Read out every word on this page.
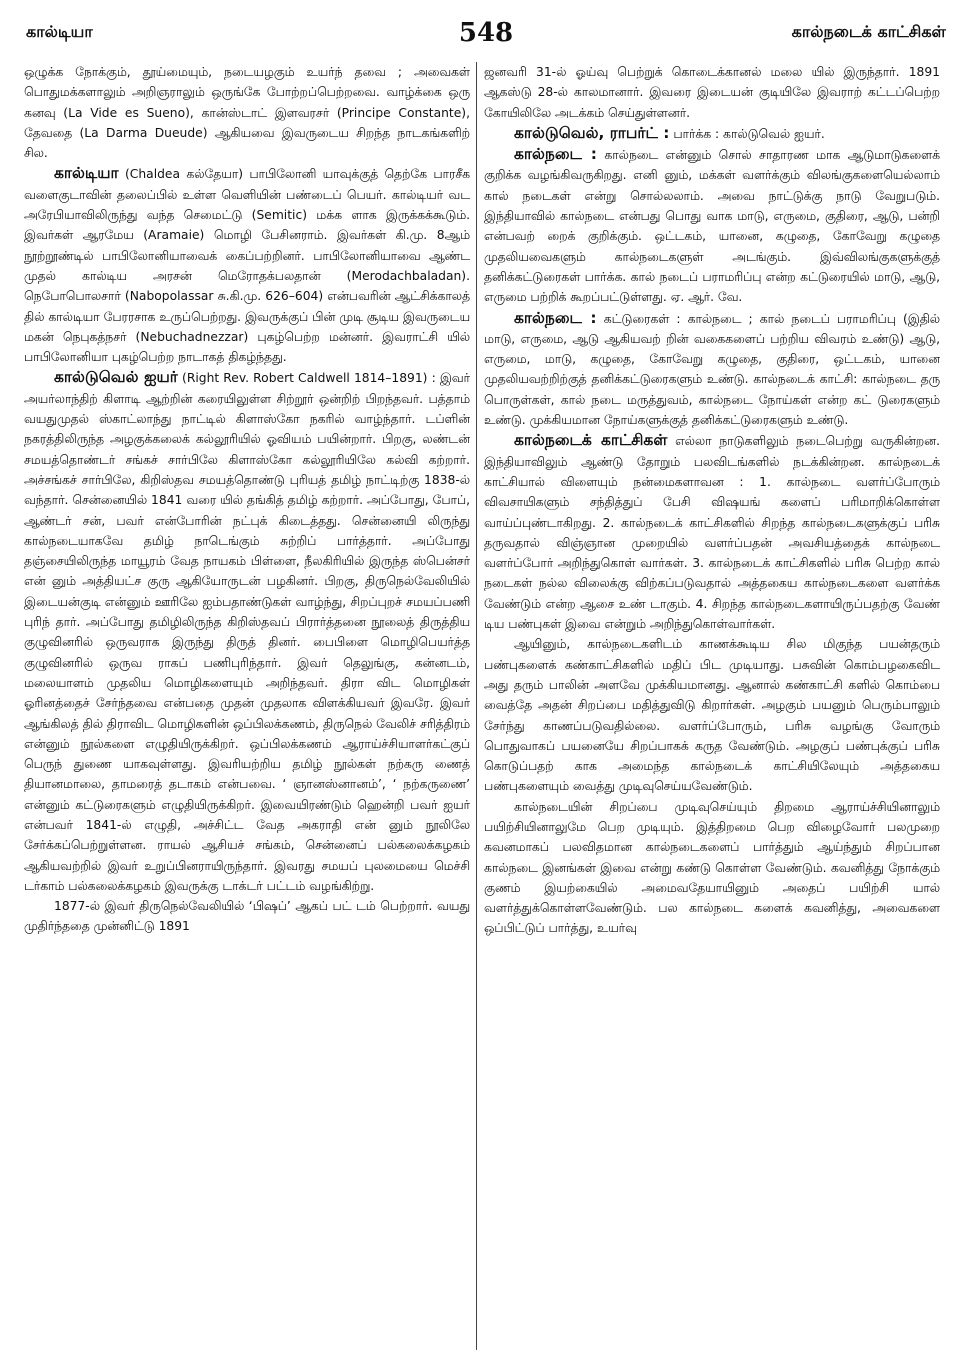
கால்டியா	548	கால்நடைக் காட்சிகள்

ஒழுக்க நோக்கும், தூய்மையும், நடையழகும் உயர்ந் தவை ; அவைகள் பொதுமக்களாலும் அறிஞராலும் ஒருங்கே போற்றப்பெற்றவை. வாழ்க்கை ஒரு கனவு (La Vide es Sueno), கான்ஸ்டாட் இளவரசர் (Principe Constante), தேவதை (La Darma Dueude) ஆகியவை இவருடைய சிறந்த நாடகங்களிற் சில.

கால்டியா (Chaldea கல்தேயா) பாபிலோனி யாவுக்குத் தெற்கே பாரசீக வளைகுடாவின் தலைப்பில் உள்ள வெளியின் பண்டைப் பெயர். கால்டியர் வட அரேபியாவிலிருந்து வந்த செமைட்டு (Semitic) மக்க ளாக இருக்கக்கூடும். இவர்கள் ஆரமேய (Aramaie) மொழி பேசினராம். இவர்கள் கி.மு. 8ஆம் நூற்றூண்டில் பாபிலோனியாவைக் கைப்பற்றினர். பாபிலோனியாவை ஆண்ட முதல் கால்டிய அரசன் மெரோதக்பலதான் (Merodachbaladan). நெபோபொலசார் (Nabopolassar சு.கி.மு. 626–604) என்பவரின் ஆட்சிக்காலத் தில் கால்டியா பேரரசாக உருப்பெற்றது. இவருக்குப் பின் முடி சூடிய இவருடைய மகன் நெபுகத்நசர் (Nebuchadnezzar) புகழ்பெற்ற மன்னர். இவராட்சி யில் பாபிலோனியா புகழ்பெற்ற நாடாகத் திகழ்ந்தது.

கால்டுவெல் ஐயர் (Right Rev. Robert Caldwell 1814–1891) : இவர் அயர்லாந்திற் கிளாடி ஆற்றின் கரையிலுள்ள சிற்றூர் ஒன்றிற் பிறந்தவர். பத்தாம் வயதுமுதல் ஸ்காட்லாந்து நாட்டில் கிளாஸ்கோ நகரில் வாழ்ந்தார். டப்ளின் நகரத்திலிருந்த அழகுக்கலைக் கல்லூரியில் ஓவியம் பயின்றார். பிறகு, லண்டன் சமயத்தொண்டர் சங்கச் சார்பிலே கிளாஸ்கோ கல்லூரியிலே கல்வி கற்றார். அச்சங்கச் சார்பிலே, கிறிஸ்தவ சமயத்தொண்டு புரியத் தமிழ் நாட்டிற்கு 1838-ல் வந்தார். சென்னையில் 1841 வரை யில் தங்கித் தமிழ் கற்றார். அப்போது, போப், ஆண்டர் சன், பவர் என்போரின் நட்புக் கிடைத்தது. சென்னையி லிருந்து கால்நடையாகவே தமிழ் நாடெங்கும் சுற்றிப் பார்த்தார். அப்போது தஞ்சையிலிருந்த மாயூரம் வேத நாயகம் பிள்ளை, நீலகிரியில் இருந்த ஸ்பென்சர் என் னும் அத்தியட்ச குரு ஆகியோருடன் பழகினர். பிறகு, திருநெல்வேலியில் இடையன்குடி என்னும் ஊரிலே ஐம்பதாண்டுகள் வாழ்ந்து, சிறப்புறச் சமயப்பணி புரிந் தார். அப்போது தமிழிலிருந்த கிறிஸ்தவப் பிரார்த்தனை நூலைத் திருத்திய குழுவினரில் ஒருவராக இருந்து திருத் தினர். பைபிளை மொழிபெயர்த்த குழுவினரில் ஒருவ ராகப் பணிபுரிந்தார். இவர் தெலுங்கு, கன்னடம், மலையாளம் முதலிய மொழிகளையும் அறிந்தவர். திரா விட மொழிகள் ஓரினத்தைச் சேர்ந்தவை என்பதை முதன் முதலாக விளக்கியவர் இவரே. இவர் ஆங்கிலத் தில் திராவிட மொழிகளின் ஒப்பிலக்கணம், திருநெல் வேலிச் சரித்திரம் என்னும் நூல்களை எழுதியிருக்கிறர். ஒப்பிலக்கணம் ஆராய்ச்சியாளர்கட்குப் பெருந் துணை யாகவுள்ளது. இவரியற்றிய தமிழ் நூல்கள் நற்கரு ணைத் தியானமாலை, தாமரைத் தடாகம் என்பவை. ‘ ஞானஸ்னானம்’, ‘ நற்கருணை’ என்னும் கட்டுரைகளும் எழுதியிருக்கிறர். இவையிரண்டும் ஹென்றி பவர் ஐயர் என்பவர் 1841-ல் எழுதி, அச்சிட்ட வேத அகராதி என் னும் நூலிலே சேர்க்கப்பெற்றுள்ளன. ராயல் ஆசியச் சங்கம், சென்னைப் பல்கலைக்கழகம் ஆகியவற்றில் இவர் உறுப்பினராயிருந்தார். இவரது சமயப் புலமையை மெச்சி டர்காம் பல்கலைக்கழகம் இவருக்கு டாக்டர் பட்டம் வழங்கிற்று.

1877-ல் இவர் திருநெல்வேலியில் ‘பிஷப்’ ஆகப் பட் டம் பெற்றார். வயது முதிர்ந்ததை முன்னிட்டு 1891

ஜனவரி 31-ல் ஓய்வு பெற்றுக் கொடைக்கானல் மலை யில் இருந்தார். 1891 ஆகஸ்டு 28-ல் காலமானார். இவரை இடையன் குடியிலே இவராற் கட்டப்பெற்ற கோயிலிலே அடக்கம் செய்துள்ளனர்.

கால்டுவெல், ராபர்ட் : பார்க்க : கால்டுவெல் ஐயர்.

கால்நடை : கால்நடை என்னும் சொல் சாதாரண மாக ஆடுமாடுகளைக் குறிக்க வழங்கிவருகிறது. எனி னும், மக்கள் வளர்க்கும் விலங்குகளையெல்லாம் கால் நடைகள் என்று சொல்லலாம். அவை நாட்டுக்கு நாடு வேறுபடும். இந்தியாவில் கால்நடை என்பது பொது வாக மாடு, எருமை, குதிரை, ஆடு, பன்றி என்பவற் றைக் குறிக்கும். ஒட்டகம், யானை, கழுதை, கோவேறு கழுதை முதலியவைகளும் கால்நடைகளுள் அடங்கும். இவ்விலங்குகளுக்குத் தனிக்கட்டுரைகள் பார்க்க. கால் நடைப் பராமரிப்பு என்ற கட்டுரையில் மாடு, ஆடு, எருமை பற்றிக் கூறப்பட்டுள்ளது. ஏ. ஆர். வே.

கால்நடை : கட்டுரைகள் : கால்நடை ; கால் நடைப் பராமரிப்பு (இதில் மாடு, எருமை, ஆடு ஆகியவற் றின் வகைகளைப் பற்றிய விவரம் உண்டு) ஆடு, எருமை, மாடு, கழுதை, கோவேறு கழுதை, குதிரை, ஒட்டகம், யானை முதலியவற்றிற்குத் தனிக்கட்டுரைகளும் உண்டு. கால்நடைக் காட்சி: கால்நடை தரு பொருள்கள், கால் நடை மருத்துவம், கால்நடை நோய்கள் என்ற கட் டுரைகளும் உண்டு. முக்கியமான நோய்களுக்குத் தனிக்கட்டுரைகளும் உண்டு.

கால்நடைக் காட்சிகள் எல்லா நாடுகளிலும் நடைபெற்று வருகின்றன. இந்தியாவிலும் ஆண்டு தோறும் பலவிடங்களில் நடக்கின்றன. கால்நடைக் காட்சியால் விளையும் நன்மைகளாவன : 1. கால்நடை வளர்ப்போரும் விவசாயிகளும் சந்தித்துப் பேசி விஷயங் களைப் பரிமாறிக்கொள்ள வாய்ப்புண்டாகிறது. 2. கால்நடைக் காட்சிகளில் சிறந்த கால்நடைகளுக்குப் பரிசு தருவதால் விஞ்ஞான முறையில் வளர்ப்பதன் அவசியத்தைக் கால்நடை வளர்ப்போர் அறிந்துகொள் வார்கள். 3. கால்நடைக் காட்சிகளில் பரிசு பெற்ற கால் நடைகள் நல்ல விலைக்கு விற்கப்படுவதால் அத்தகைய கால்நடைகளை வளர்க்க வேண்டும் என்ற ஆசை உண் டாகும். 4. சிறந்த கால்நடைகளாயிருப்பதற்கு வேண் டிய பண்புகள் இவை என்றும் அறிந்துகொள்வார்கள்.

ஆயினும், கால்நடைகளிடம் காணக்கூடிய சில மிகுந்த பயன்தரும் பண்புகளைக் கண்காட்சிகளில் மதிப் பிட முடியாது. பசுவின் கொம்பழகைவிட அது தரும் பாலின் அளவே முக்கியமானது. ஆனால் கண்காட்சி களில் கொம்பை வைத்தே அதன் சிறப்பை மதித்துவிடு கிறார்கள். அழகும் பயனும் பெரும்பாலும் சேர்ந்து காணப்படுவதில்லை. வளர்ப்போரும், பரிசு வழங்கு வோரும் பொதுவாகப் பயனையே சிறப்பாகக் கருத வேண்டும். அழகுப் பண்புக்குப் பரிசு கொடுப்பதற் காக அமைந்த கால்நடைக் காட்சியிலேயும் அத்தகைய பண்புகளையும் வைத்து முடிவுசெய்யவேண்டும்.

கால்நடையின் சிறப்பை முடிவுசெய்யும் திறமை ஆராய்ச்சியினாலும் பயிற்சியினாலுமே பெற முடியும். இத்திறமை பெற விழைவோர் பலமுறை கவனமாகப் பலவிதமான கால்நடைகளைப் பார்த்தும் ஆய்ந்தும் சிறப்பான கால்நடை இனங்கள் இவை என்று கண்டு கொள்ள வேண்டும். கவனித்து நோக்கும் குணம் இயற்கையில் அமைவதேயாயினும் அதைப் பயிற்சி யால் வளர்த்துக்கொள்ளவேண்டும். பல கால்நடை களைக் கவனித்து, அவைகளை ஒப்பிட்டுப் பார்த்து, உயர்வு
